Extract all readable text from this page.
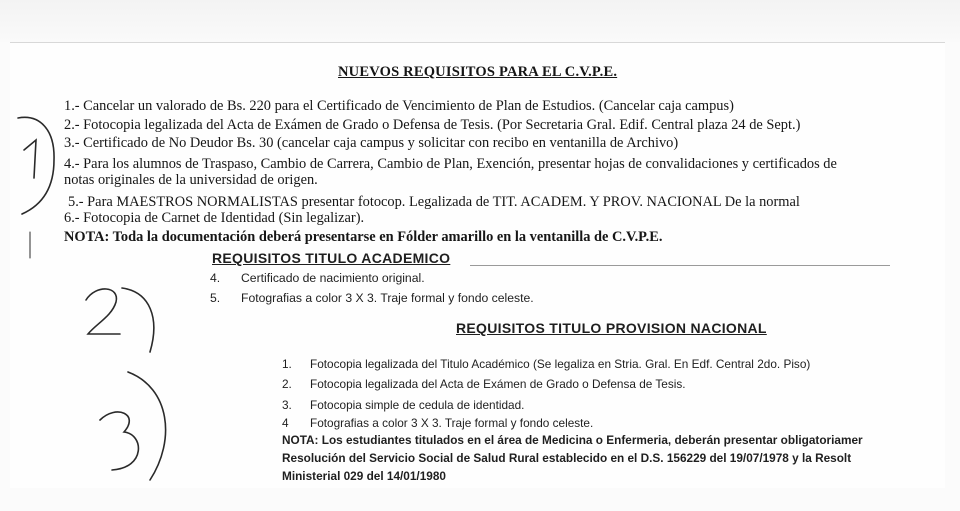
NUEVOS REQUISITOS PARA EL C.V.P.E.

1.- Cancelar un valorado de Bs. 220 para el Certificado de Vencimiento de Plan de Estudios. (Cancelar caja campus)

2.- Fotocopia legalizada del Acta de Exámen de Grado o Defensa de Tesis. (Por Secretaria Gral. Edif. Central plaza 24 de Sept.)

3.- Certificado de No Deudor Bs. 30 (cancelar caja campus y solicitar con recibo en ventanilla de Archivo)

4.- Para los alumnos de Traspaso, Cambio de Carrera, Cambio de Plan, Exención, presentar hojas de convalidaciones y certificados de

notas originales de la universidad de origen.

5.- Para MAESTROS NORMALISTAS presentar fotocop. Legalizada de TIT. ACADEM. Y PROV. NACIONAL De la normal

6.- Fotocopia de Carnet de Identidad (Sin legalizar).

NOTA: Toda la documentación deberá presentarse en Fólder amarillo en la ventanilla de C.V.P.E.

REQUISITOS TITULO ACADEMICO

4. Certificado de nacimiento original.

5. Fotografias a color 3 X 3. Traje formal y fondo celeste.

REQUISITOS TITULO PROVISION NACIONAL

1. Fotocopia legalizada del Titulo Académico (Se legaliza en Stria. Gral. En Edf. Central 2do. Piso)

2. Fotocopia legalizada del Acta de Exámen de Grado o Defensa de Tesis.

3. Fotocopia simple de cedula de identidad.

4 Fotografias a color 3 X 3. Traje formal y fondo celeste.

NOTA: Los estudiantes titulados en el área de Medicina o Enfermeria, deberán presentar obligatoriamer

Resolución del Servicio Social de Salud Rural establecido en el D.S. 156229 del 19/07/1978 y la Resolt

Ministerial 029 del 14/01/1980
